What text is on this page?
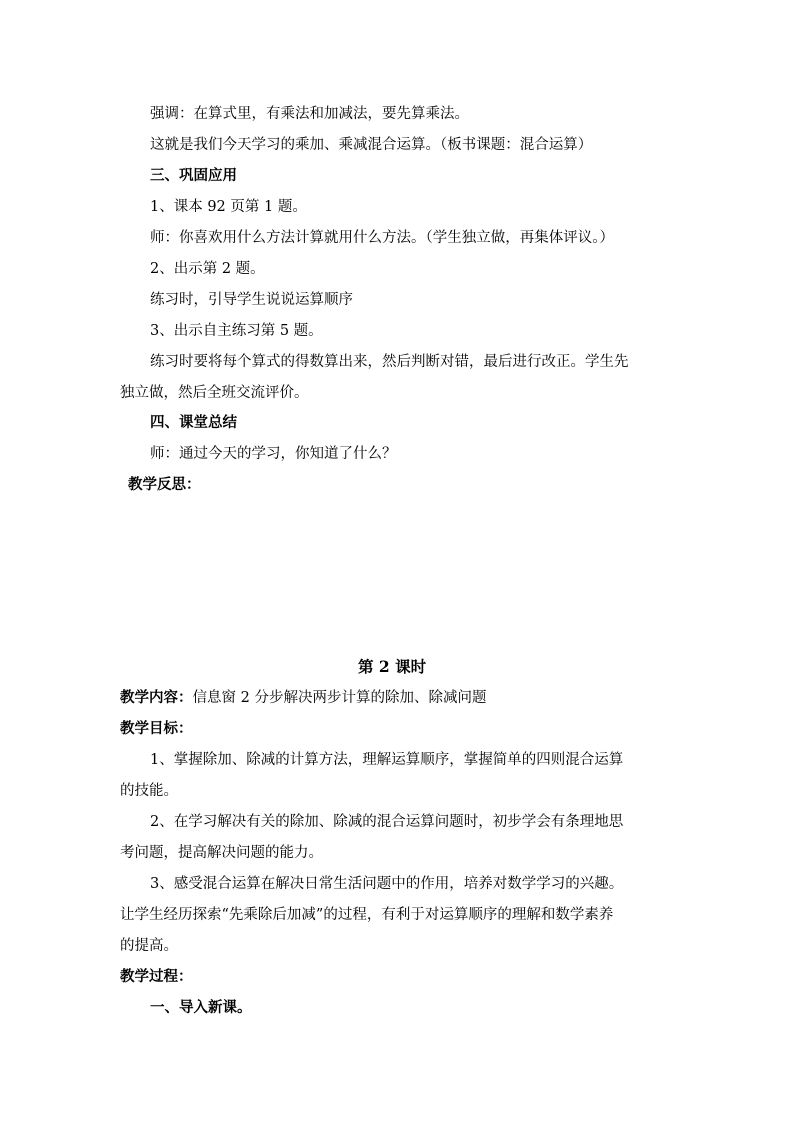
强调：在算式里，有乘法和加减法，要先算乘法。
这就是我们今天学习的乘加、乘减混合运算。（板书课题：混合运算）
三、巩固应用
1、课本 92 页第 1 题。
师：你喜欢用什么方法计算就用什么方法。（学生独立做，再集体评议。）
2、出示第 2 题。
练习时，引导学生说说运算顺序
3、出示自主练习第 5 题。
练习时要将每个算式的得数算出来，然后判断对错，最后进行改正。学生先
独立做，然后全班交流评价。
四、课堂总结
师：通过今天的学习，你知道了什么？
教学反思：
第 2 课时
教学内容：信息窗 2 分步解决两步计算的除加、除减问题
教学目标：
1、掌握除加、除减的计算方法，理解运算顺序，掌握简单的四则混合运算
的技能。
2、在学习解决有关的除加、除减的混合运算问题时，初步学会有条理地思
考问题，提高解决问题的能力。
3、感受混合运算在解决日常生活问题中的作用，培养对数学学习的兴趣。
让学生经历探索“先乘除后加减”的过程，有利于对运算顺序的理解和数学素养
的提高。
教学过程：
一、导入新课。
